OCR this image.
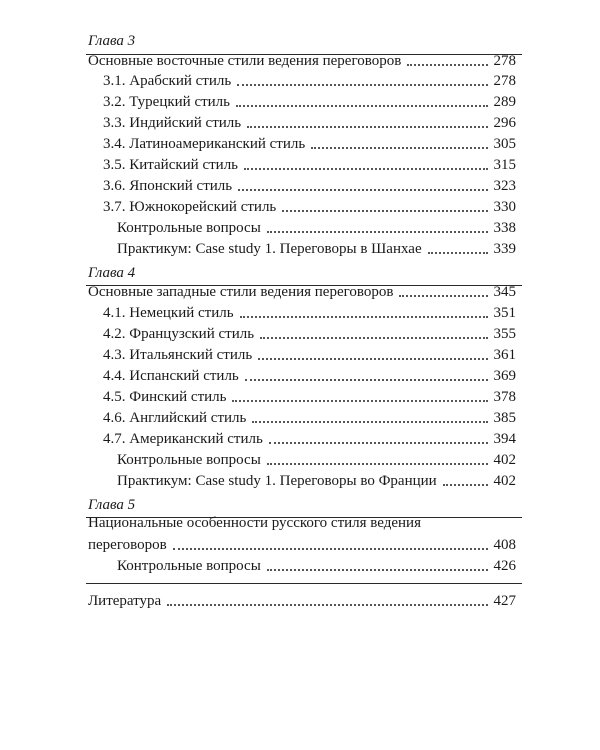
Глава 3
Основные восточные стили ведения переговоров	278
3.1. Арабский стиль	278
3.2. Турецкий стиль	289
3.3. Индийский стиль	296
3.4. Латиноамериканский стиль	305
3.5. Китайский стиль	315
3.6. Японский стиль	323
3.7. Южнокорейский стиль	330
Контрольные вопросы	338
Практикум: Case study 1. Переговоры в Шанхае	339
Глава 4
Основные западные стили ведения переговоров	345
4.1. Немецкий стиль	351
4.2. Французский стиль	355
4.3. Итальянский стиль	361
4.4. Испанский стиль	369
4.5. Финский стиль	378
4.6. Английский стиль	385
4.7. Американский стиль	394
Контрольные вопросы	402
Практикум: Case study 1. Переговоры во Франции	402
Глава 5
Национальные особенности русского стиля ведения
переговоров	408
Контрольные вопросы	426
Литература	427
